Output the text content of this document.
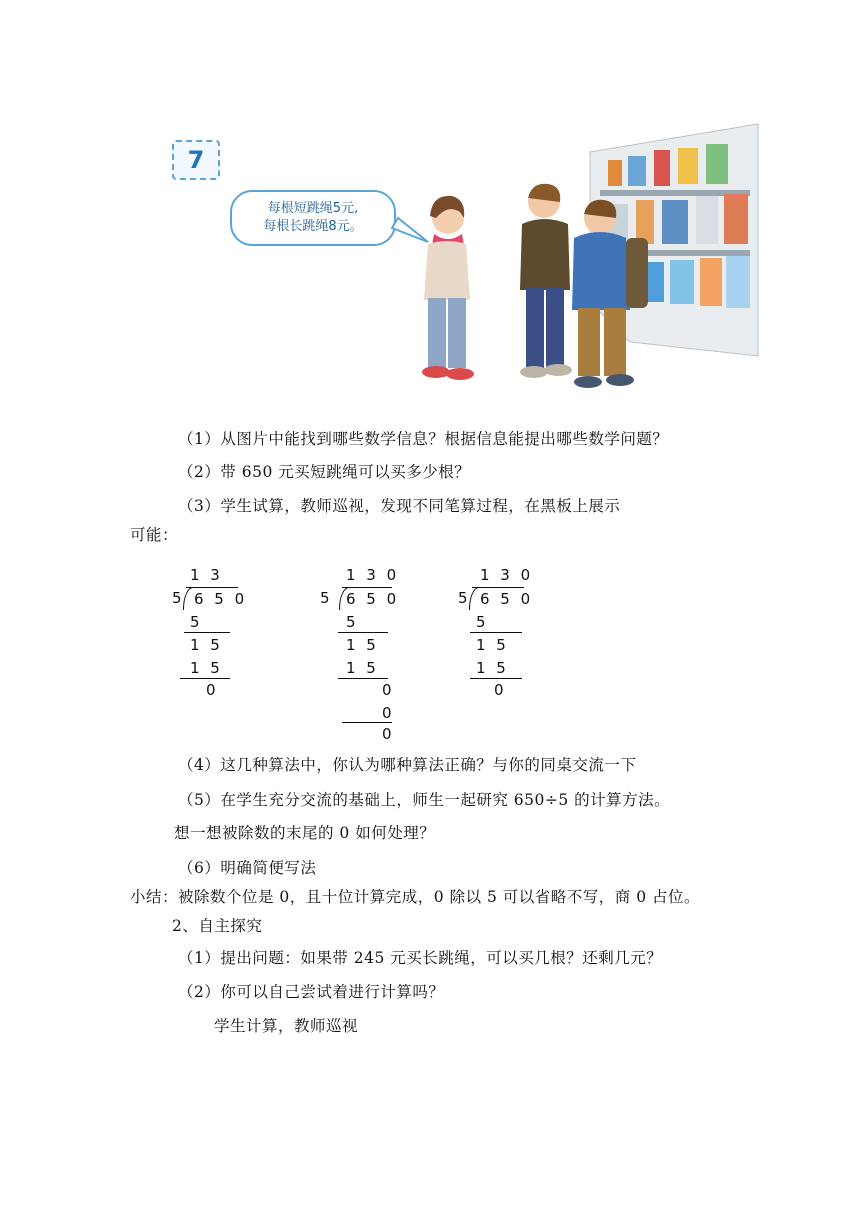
7
每根短跳绳5元,
每根长跳绳8元。
（1）从图片中能找到哪些数学信息？根据信息能提出哪些数学问题？
（2）带 650 元买短跳绳可以买多少根？
（3）学生试算，教师巡视，发现不同笔算过程，在黑板上展示
可能：
1 3
5 6 5 0
5
1 5
1 5
0
1 3 0
5 6 5 0
5
1 5
1 5
0
0
0
1 3 0
5 6 5 0
5
1 5
1 5
0
（4）这几种算法中，你认为哪种算法正确？与你的同桌交流一下
（5）在学生充分交流的基础上，师生一起研究 650÷5 的计算方法。
想一想被除数的末尾的 0 如何处理？
（6）明确简便写法
小结：被除数个位是 0，且十位计算完成，0 除以 5 可以省略不写，商 0 占位。
2、自主探究
（1）提出问题：如果带 245 元买长跳绳，可以买几根？还剩几元？
（2）你可以自己尝试着进行计算吗？
学生计算，教师巡视
